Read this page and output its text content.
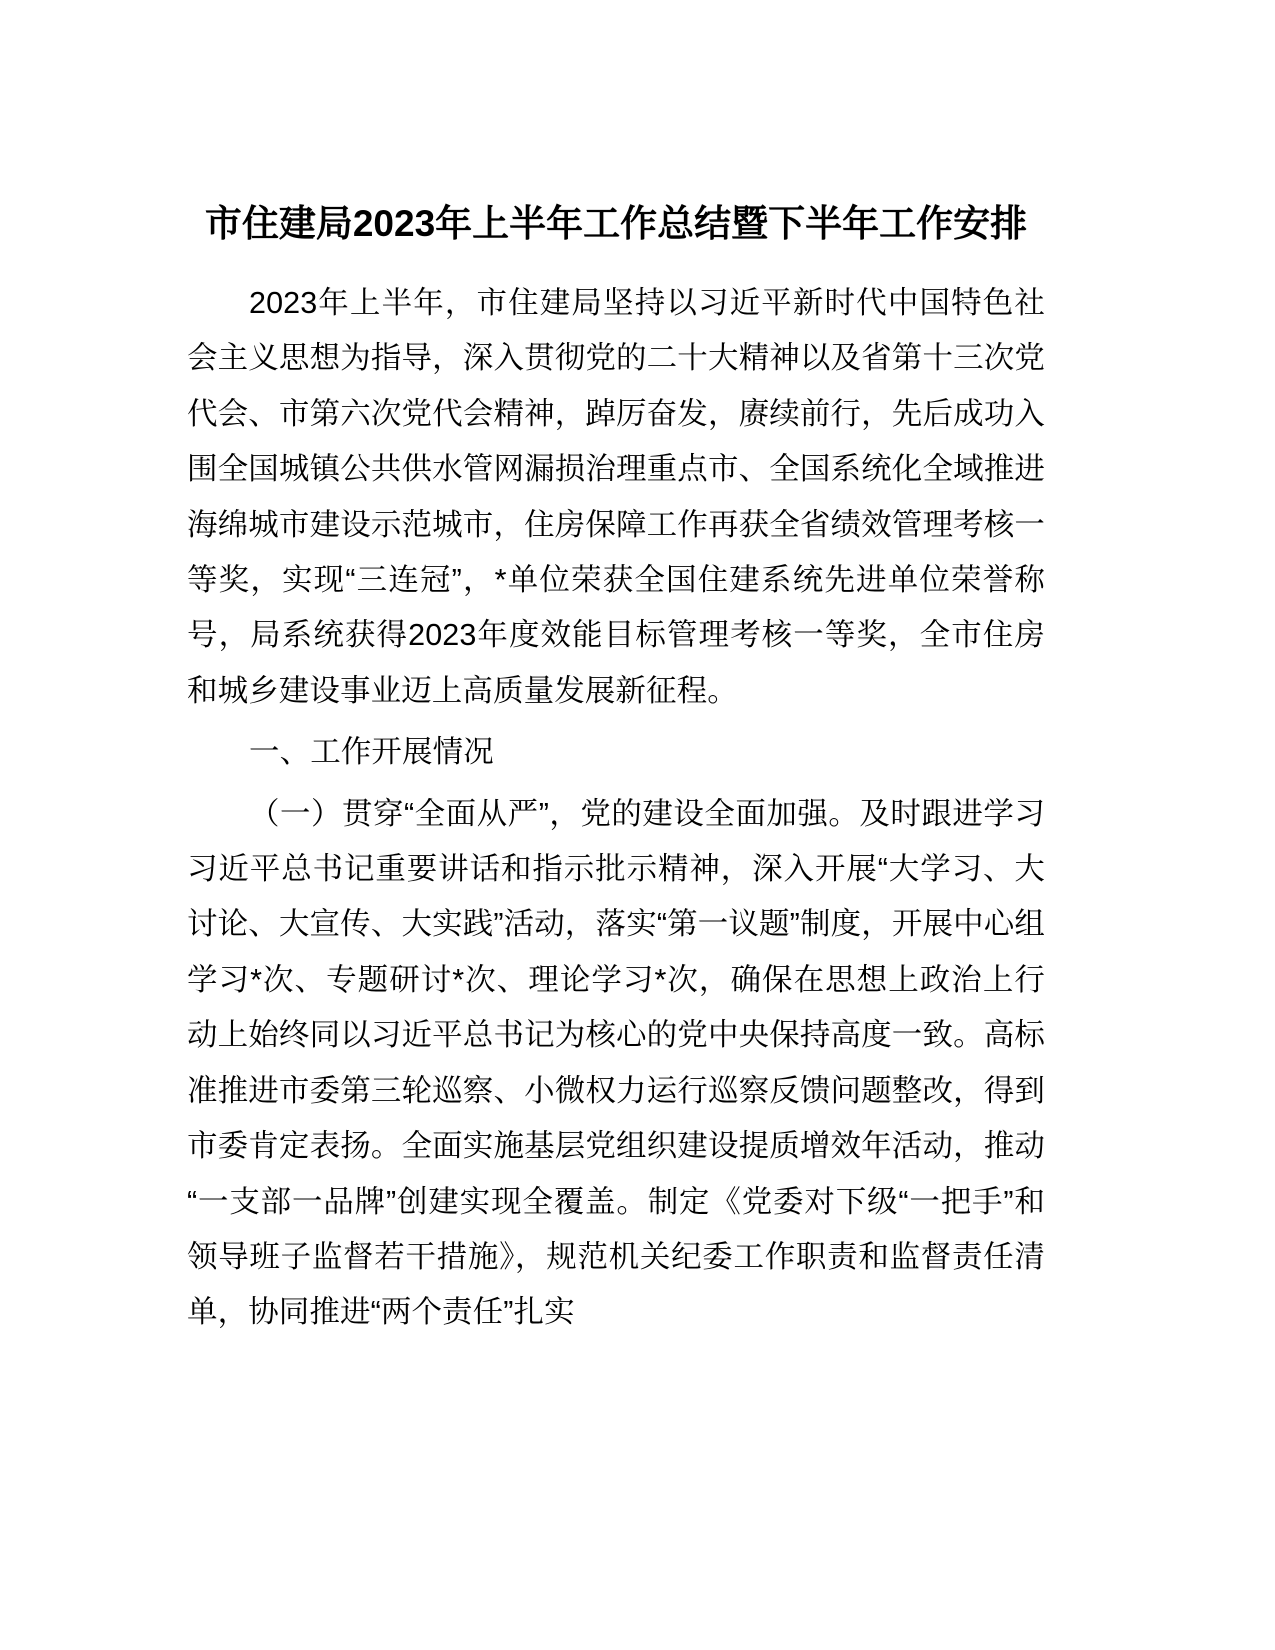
市住建局2023年上半年工作总结暨下半年工作安排

2023年上半年，市住建局坚持以习近平新时代中国特色社会主义思想为指导，深入贯彻党的二十大精神以及省第十三次党代会、市第六次党代会精神，踔厉奋发，赓续前行，先后成功入围全国城镇公共供水管网漏损治理重点市、全国系统化全域推进海绵城市建设示范城市，住房保障工作再获全省绩效管理考核一等奖，实现“三连冠”，*单位荣获全国住建系统先进单位荣誉称号，局系统获得2023年度效能目标管理考核一等奖，全市住房和城乡建设事业迈上高质量发展新征程。

一、工作开展情况

（一）贯穿“全面从严”，党的建设全面加强。及时跟进学习习近平总书记重要讲话和指示批示精神，深入开展“大学习、大讨论、大宣传、大实践”活动，落实“第一议题”制度，开展中心组学习*次、专题研讨*次、理论学习*次，确保在思想上政治上行动上始终同以习近平总书记为核心的党中央保持高度一致。高标准推进市委第三轮巡察、小微权力运行巡察反馈问题整改，得到市委肯定表扬。全面实施基层党组织建设提质增效年活动，推动“一支部一品牌”创建实现全覆盖。制定《党委对下级“一把手”和领导班子监督若干措施》，规范机关纪委工作职责和监督责任清单，协同推进“两个责任”扎实
